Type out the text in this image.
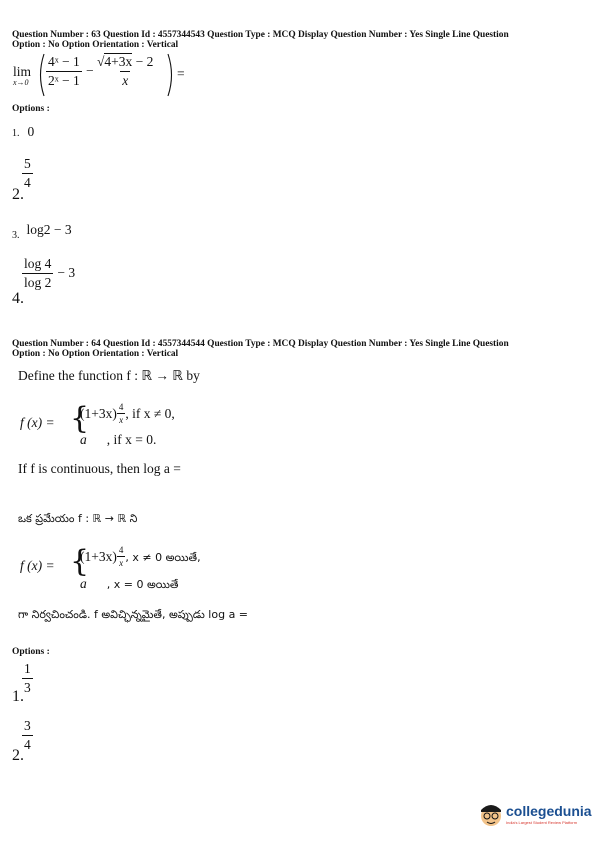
Question Number : 63 Question Id : 4557344543 Question Type : MCQ Display Question Number : Yes Single Line Question
Option : No Option Orientation : Vertical
lim
$x\to 0 \frac{\text{4ˣ − 1}}{\text{2ˣ − 1}} - \frac{√4+3x - 2}{x}$ =
Options :
1. 0
2.
$\frac{5}{4}$
$_{3.}$ log2 − 3
4.
$\frac{\log 4}{\log 2} - 3$
Question Number : 64 Question Id : 4557344544 Question Type : MCQ Display Question Number : Yes Single Line Question
Option : No Option Orientation : Vertical
Define the function f : ℝ → ℝ by
f (x) = {
$(1+3x) \frac{4}{x}$ , if x ≠ 0,
a , if x = 0.
If f is continuous, then log a =
ఒక ప్రమేయం f : ℝ → ℝ ని
f (x) = {
$(1+3x) \frac{4}{x}$ , x ≠ 0 అయితే,
a , x = 0 అయితే
గా నిర్వచించండి. f అవిచ్ఛిన్నమైతే, అప్పుడు log a =
Options :
1.
$\frac{1}{3}$
2.
$\frac{3}{4}$
collegedunia
India's Largest Student Review Platform
